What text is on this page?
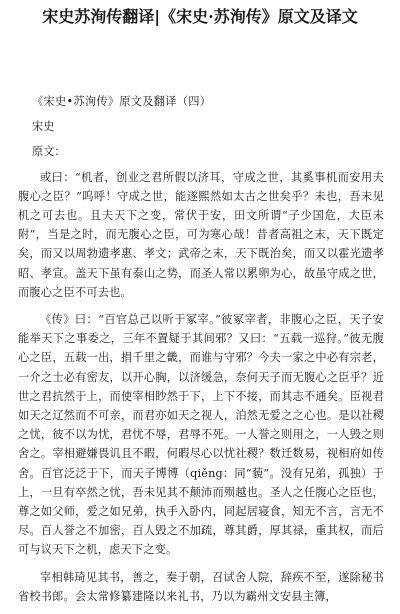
宋史苏洵传翻译|《宋史·苏洵传》原文及译文
《宋史•苏洵传》原文及翻译（四）
宋史
原文：

或曰：“机者，创业之君所假以济耳，守成之世，其奚事机而安用夫腹心之臣？”呜呼！守成之世，能遂熙然如太古之世矣乎？未也，吾未见机之可去也。且夫天下之变，常伏于安，田文所谓“子少国危，大臣未附”，当是之时，而无腹心之臣，可为寒心哉！昔者高祖之末，天下既定矣，而又以周勃遗孝惠、孝文；武帝之末，天下既治矣，而又以霍光遗孝昭、孝宣。盖天下虽有泰山之势，而圣人常以累卵为心，故虽守成之世，而腹心之臣不可去也。

《传》曰：“百官总己以听于冢宰。”彼冢宰者，非腹心之臣，天子安能举天下之事委之，三年不置疑于其间邪？又曰：“五载一巡狩。”彼无腹心之臣，五载一出，捐千里之畿，而谁与守邪？今夫一家之中必有宗老，一介之士必有密友，以开心胸，以济缓急，奈何天子而无腹心之臣乎？近世之君抗然于上，而使宰相眇然于下，上下不接，而其志不通矣。臣视君如天之辽然而不可亲，而君亦如天之视人，泊然无爱之之心也。是以社稷之忧，彼不以为忧，君忧不辱，君辱不死。一人誉之则用之，一人毁之则舍之。宰相避嫌畏讥且不暇，何暇尽心以忧社稷？数迁数易，视相府如传舍。百官泛泛于下，而天子博博（qiěng：同“藐”。没有兄弟，孤独）于上，一旦有卒然之忧，吾未见其不颠沛而殒越也。圣人之任腹心之臣也，尊之如父师，爱之如兄弟，执手入卧内，同起居寝食，知无不言，言无不尽。百人誉之不加密，百人毁之不加疏，尊其爵，厚其禄，重其权，而后可与议天下之机，虑天下之变。

宰相韩琦见其书，善之，奏于朝，召试舍人院，辞疾不至，遂除秘书省校书郎。会太常修纂建隆以来礼书，乃以为霸州文安县主簿，
